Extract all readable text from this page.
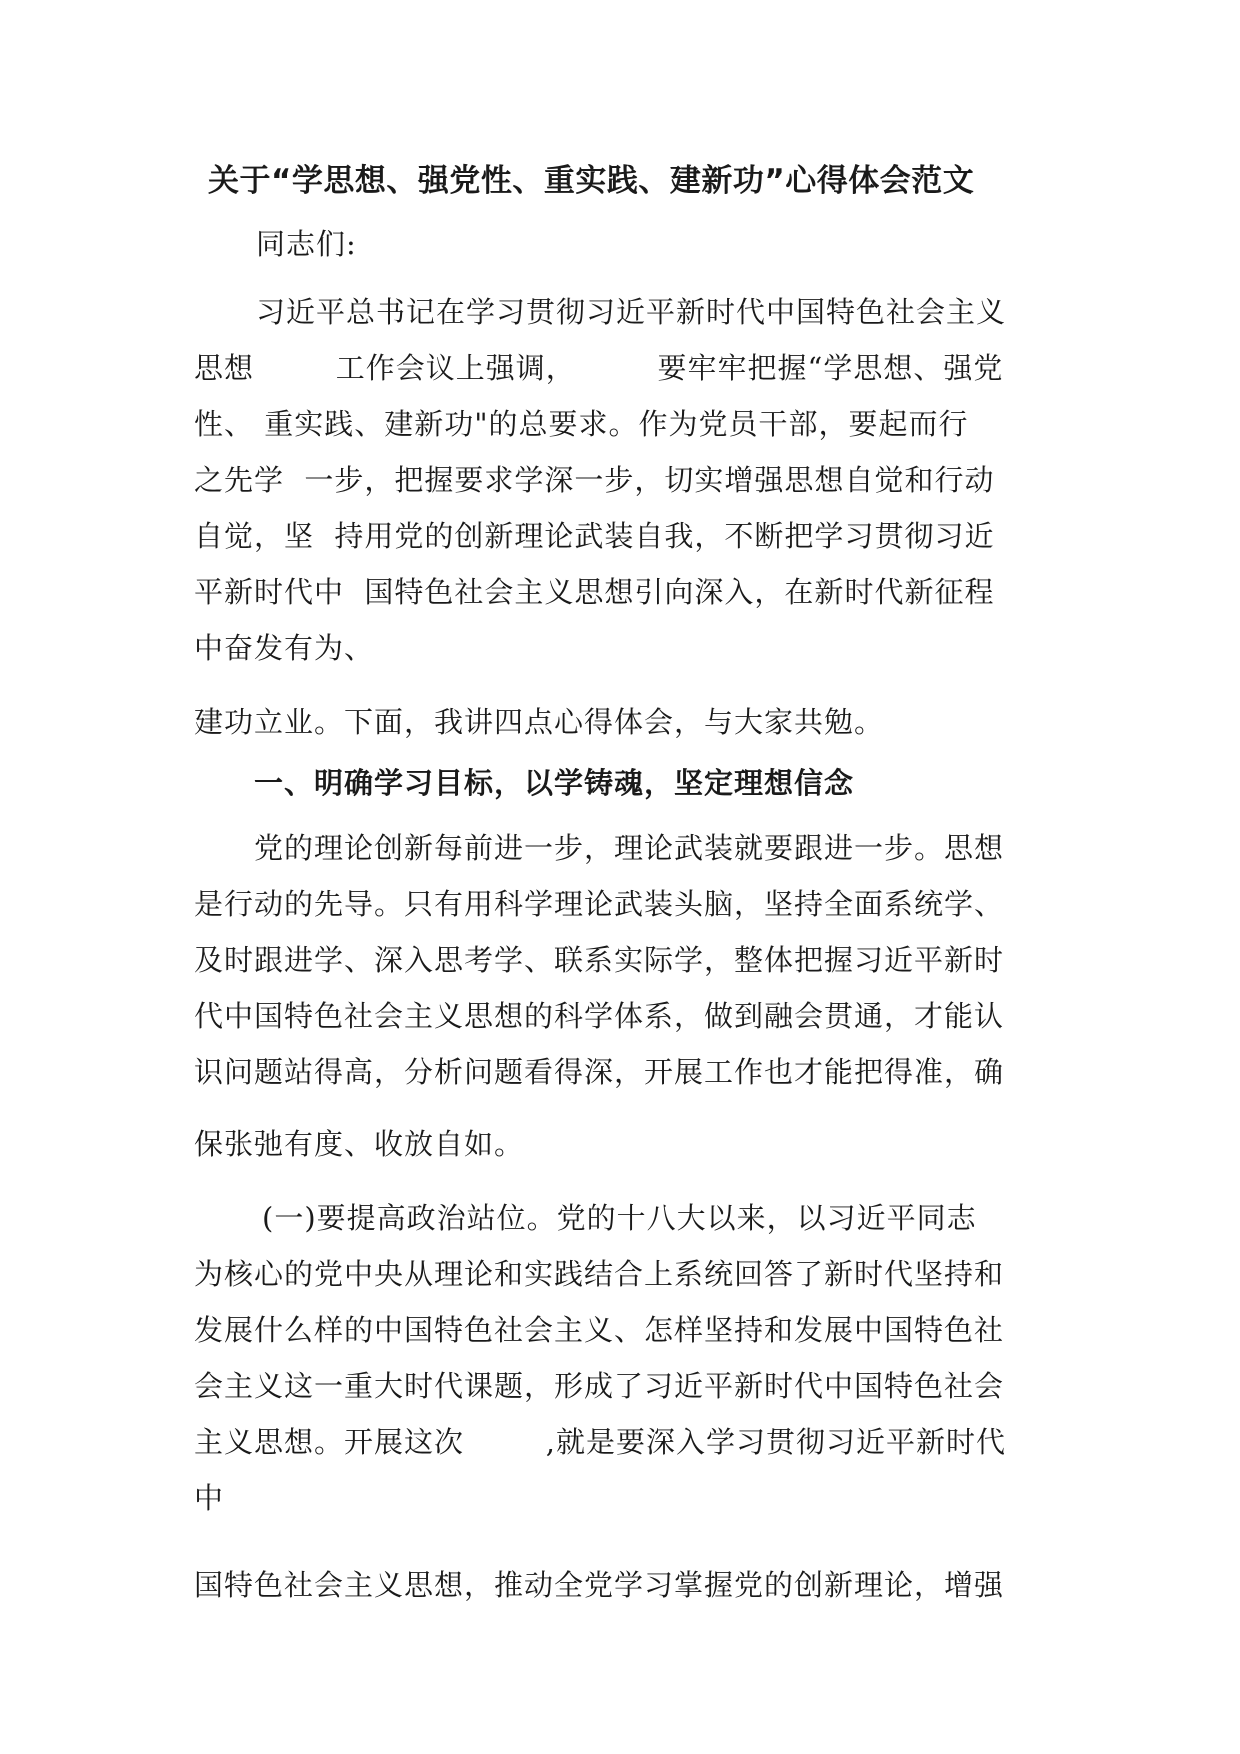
关于“学思想、强党性、重实践、建新功”心得体会范文
同志们:
习近平总书记在学习贯彻习近平新时代中国特色社会主义
思想        工作会议上强调，        要牢牢把握“学思想、强党
性、 重实践、建新功"的总要求。作为党员干部，要起而行
之先学  一步，把握要求学深一步，切实增强思想自觉和行动
自觉，坚  持用党的创新理论武装自我，不断把学习贯彻习近
平新时代中  国特色社会主义思想引向深入，在新时代新征程
中奋发有为、
建功立业。下面，我讲四点心得体会，与大家共勉。
一、明确学习目标，以学铸魂，坚定理想信念
党的理论创新每前进一步，理论武装就要跟进一步。思想
是行动的先导。只有用科学理论武装头脑，坚持全面系统学、
及时跟进学、深入思考学、联系实际学，整体把握习近平新时
代中国特色社会主义思想的科学体系，做到融会贯通，才能认
识问题站得高，分析问题看得深，开展工作也才能把得准，确
保张弛有度、收放自如。
(一)要提高政治站位。党的十八大以来，以习近平同志
为核心的党中央从理论和实践结合上系统回答了新时代坚持和
发展什么样的中国特色社会主义、怎样坚持和发展中国特色社
会主义这一重大时代课题，形成了习近平新时代中国特色社会
主义思想。开展这次        ,就是要深入学习贯彻习近平新时代
中
国特色社会主义思想，推动全党学习掌握党的创新理论，增强
